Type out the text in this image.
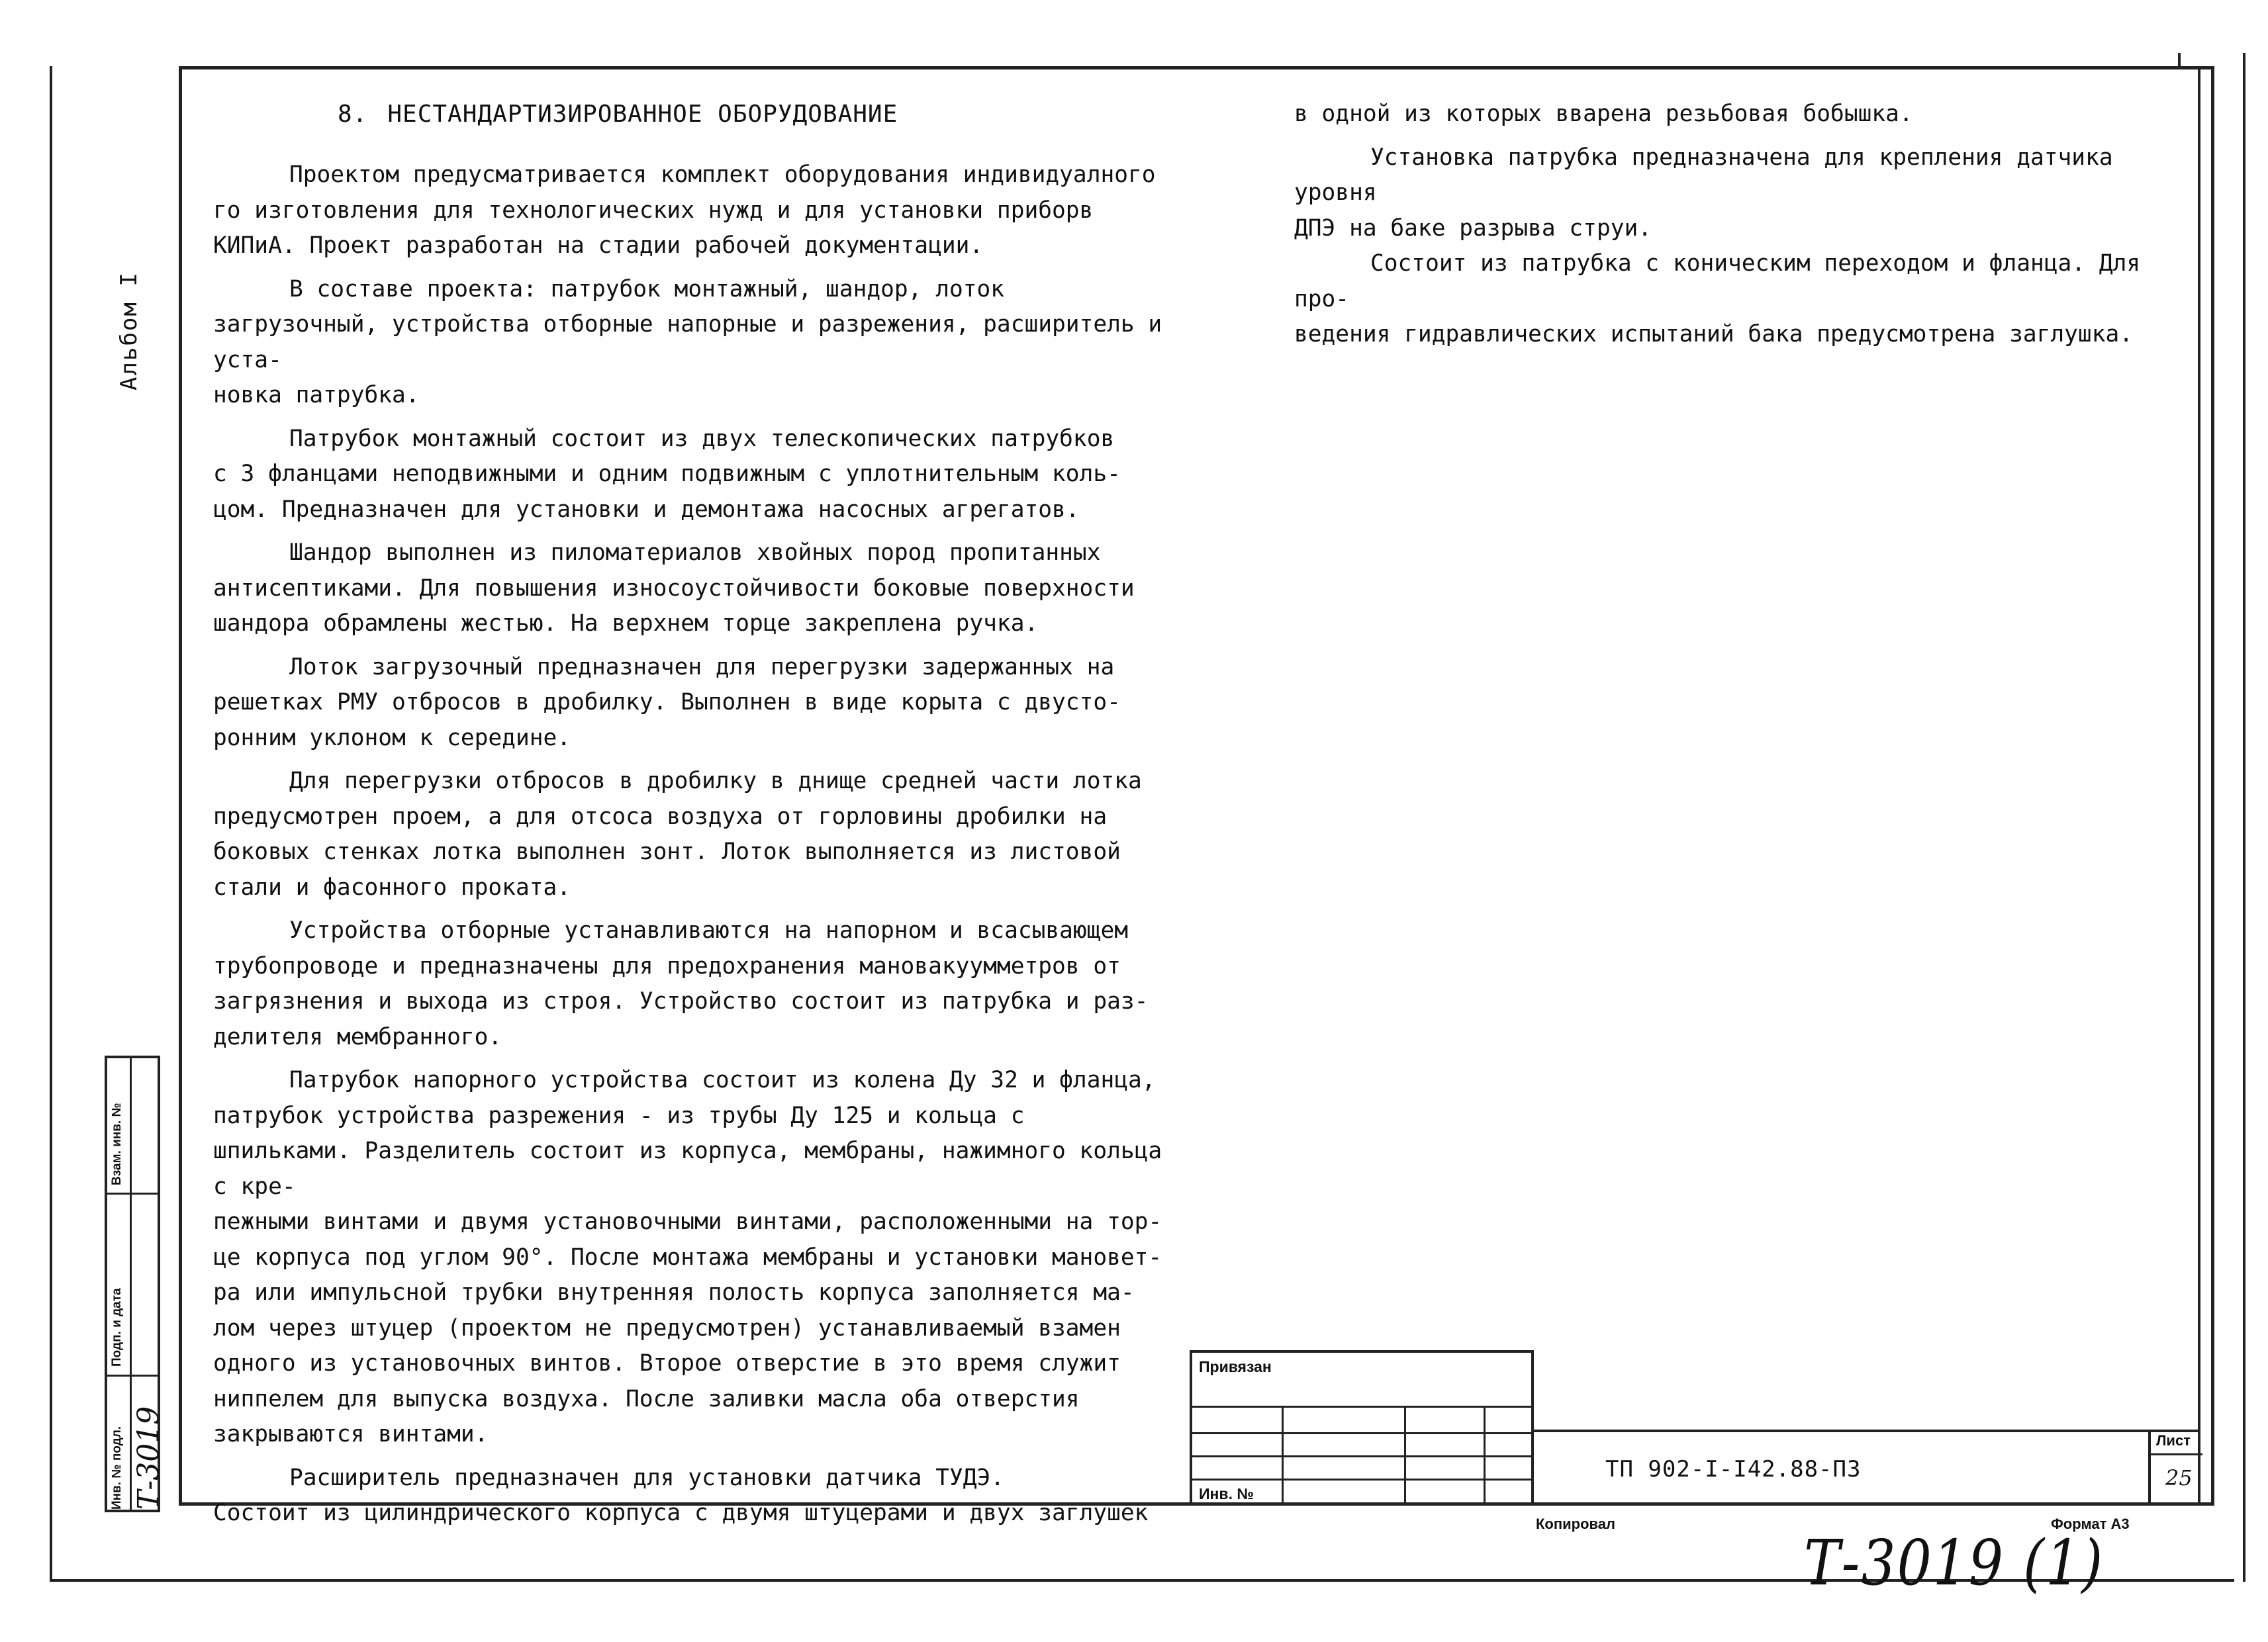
Альбом I
Взам. инв. №
Подп. и дата
Инв. № подл. Т-3019
8. НЕСТАНДАРТИЗИРОВАННОЕ ОБОРУДОВАНИЕ

Проектом предусматривается комплект оборудования индивидуалного
го изготовления для технологических нужд и для установки приборв
КИПиА. Проект разработан на стадии рабочей документации.

В составе проекта: патрубок монтажный, шандор, лоток загрузочный, устройства отборные напорные и разрежения, расширитель и уста-
новка патрубка.

Патрубок монтажный состоит из двух телескопических патрубков
с 3 фланцами неподвижными и одним подвижным с уплотнительным коль-
цом. Предназначен для установки и демонтажа насосных агрегатов.

Шандор выполнен из пиломатериалов хвойных пород пропитанных
антисептиками. Для повышения износоустойчивости боковые поверхности
шандора обрамлены жестью. На верхнем торце закреплена ручка.

Лоток загрузочный предназначен для перегрузки задержанных на
решетках РМУ отбросов в дробилку. Выполнен в виде корыта с двусто-
ронним уклоном к середине.

Для перегрузки отбросов в дробилку в днище средней части лотка
предусмотрен проем, а для отсоса воздуха от горловины дробилки на
боковых стенках лотка выполнен зонт. Лоток выполняется из листовой
стали и фасонного проката.

Устройства отборные устанавливаются на напорном и всасывающем
трубопроводе и предназначены для предохранения мановакуумметров от
загрязнения и выхода из строя. Устройство состоит из патрубка и раз-
делителя мембранного.

Патрубок напорного устройства состоит из колена Ду 32 и фланца,
патрубок устройства разрежения - из трубы Ду 125 и кольца с шпильками. Разделитель состоит из корпуса, мембраны, нажимного кольца с кре-
пежными винтами и двумя установочными винтами, расположенными на тор-
це корпуса под углом 90°. После монтажа мембраны и установки мановет-
ра или импульсной трубки внутренняя полость корпуса заполняется ма-
лом через штуцер (проектом не предусмотрен) устанавливаемый взамен
одного из установочных винтов. Второе отверстие в это время служит
ниппелем для выпуска воздуха. После заливки масла оба отверстия
закрываются винтами.

Расширитель предназначен для установки датчика ТУДЭ.

Состоит из цилиндрического корпуса с двумя штуцерами и двух заглушек

в одной из которых вварена резьбовая бобышка.

Установка патрубка предназначена для крепления датчика уровня
ДПЭ на баке разрыва струи.

Состоит из патрубка с коническим переходом и фланца. Для про-
ведения гидравлических испытаний бака предусмотрена заглушка.

Привязан
Инв. №
ТП 902-I-I42.88-ПЗ
Лист
25
Копировал	Формат А3
Т-3019 (1)
